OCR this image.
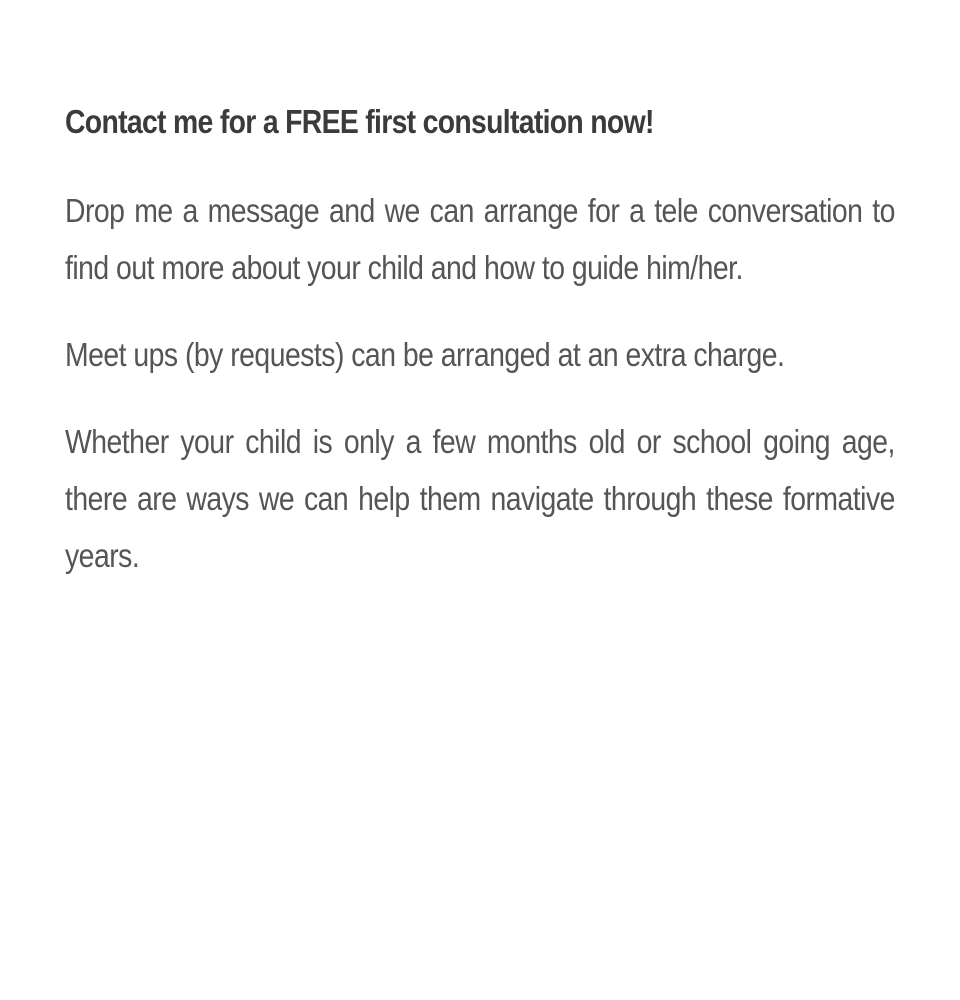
Contact me for a FREE first consultation now!

Drop me a message and we can arrange for a tele conversation to find out more about your child and how to guide him/her.

Meet ups (by requests) can be arranged at an extra charge.

Whether your child is only a few months old or school going age, there are ways we can help them navigate through these formative years.
